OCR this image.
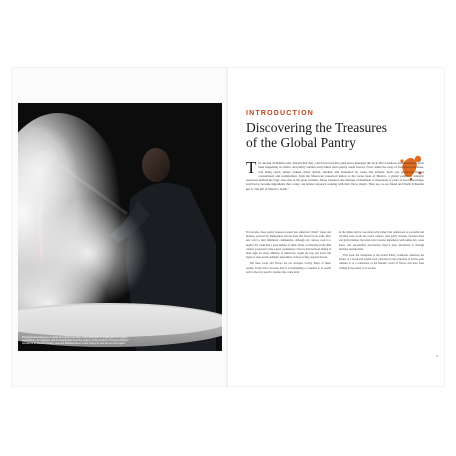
Pomegranate molasses is made the traditional way—slow reduction of bright juice to syrup—generations. Its religious role is inseparable from the origins of the product. The most intense version is in Eastern Turkey, near the Mediterranean coast. Enjoy its use across the region.
INTRODUCTION
Discovering the Treasures of the Global Pantry
The ancient alchemists who fancied that they could turn lead into gold never managed the trick. But wondrous transformations have been happening in cellars, and pantry touches everywhere since pantry touch forever. Food, under the sway of biological processes, was being cured, salted, soaked, dried, spiced, smoked, and fermented by cooks and artisans. Such was preserved, flavors concentrated and transformed, from the Moroccan preserved lemon to the cacao bean of Mexico, a global pantry of fantastic resources marked the long, slow rise of the great cuisines. These treasures, the heritage of hundreds or thousands of years of food knowledge, survived to become ingredients that, today, can bolster anyone's cooking with their flavor magic. They are, as our friend and North Schneider put it, "the gift of time in a bottle."

For decades, these pantry treasures poured into American "ethnic" shops and markets, powered by immigration and the trade that flowed in its wake. How new wild to their immigrant communities, although any curious cook in a market city could find a good number of them. These, accelerating in the 20th century progressed came a great awakening to flavors that had been hiding in plain sight all along. Millions of Americans caught the bug and travel and began to seek out the authentic ingredients of the food they enjoyed abroad.

But these foods and flavors are not strangers locally, many of them, usually. Partly this is because they're overwhelming or assumed to be useful only in the very specific cuisines they come from.

in the dishes they're associated with rather than understood as powerful and versatile tools worth the cook's toolbox. And partly because, between mass and global market, the labels have become ingredients with names few cooks know, and uncountable descriptions they've been introduced to through shelving and meal kits.

This book, the companion to the Global Pantry Cookbook, embraces the beauty of a broad and playful food collection in the collection of all the great cuisines. It is a celebration of the fantastic world of flavors that have been waiting in the pantry to be set free.

5
